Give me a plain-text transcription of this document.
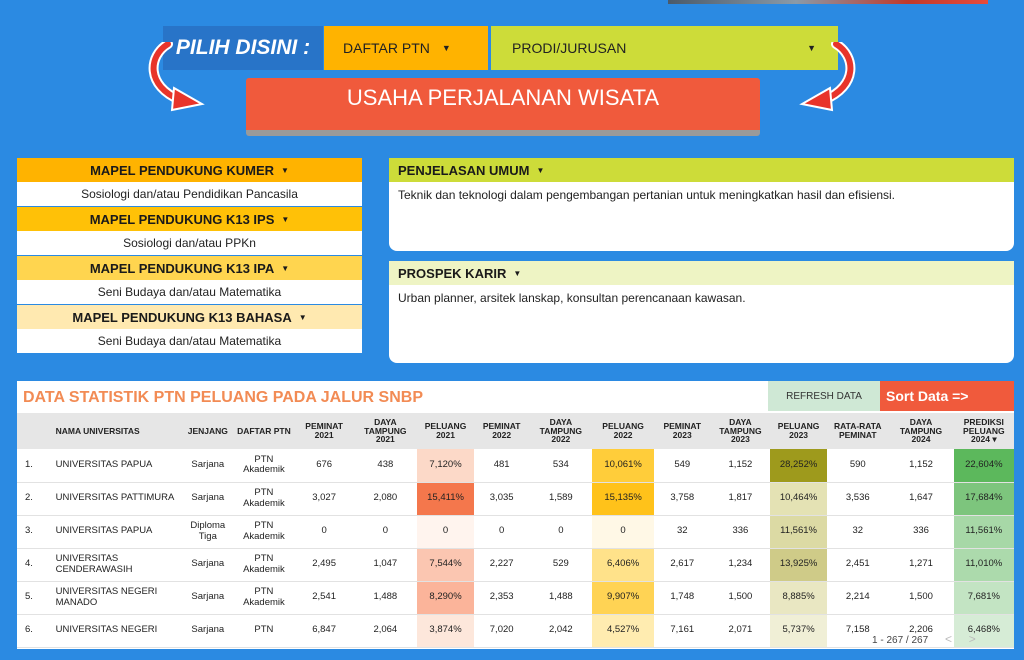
PILIH DISINI :	DAFTAR PTN ▼	PRODI/JURUSAN	▼
USAHA PERJALANAN WISATA
MAPEL PENDUKUNG KUMER ▼
Sosiologi dan/atau Pendidikan Pancasila
MAPEL PENDUKUNG K13 IPS ▼
Sosiologi dan/atau PPKn
MAPEL PENDUKUNG K13 IPA ▼
Seni Budaya dan/atau Matematika
MAPEL PENDUKUNG K13 BAHASA ▼
Seni Budaya dan/atau Matematika
PENJELASAN UMUM ▼
Teknik dan teknologi dalam pengembangan pertanian untuk meningkatkan hasil dan efisiensi.
PROSPEK KARIR ▼
Urban planner, arsitek lanskap, konsultan perencanaan kawasan.
DATA STATISTIK PTN PELUANG PADA JALUR SNBP	REFRESH DATA	Sort Data =>
	NAMA UNIVERSITAS	JENJANG	DAFTAR PTN	PEMINAT 2021	DAYA TAMPUNG 2021	PELUANG 2021	PEMINAT 2022	DAYA TAMPUNG 2022	PELUANG 2022	PEMINAT 2023	DAYA TAMPUNG 2023	PELUANG 2023	RATA-RATA PEMINAT	DAYA TAMPUNG 2024	PREDIKSI PELUANG 2024 ▾
1.	UNIVERSITAS PAPUA	Sarjana	PTN Akademik	676	438	7,120%	481	534	10,061%	549	1,152	28,252%	590	1,152	22,604%
2.	UNIVERSITAS PATTIMURA	Sarjana	PTN Akademik	3,027	2,080	15,411%	3,035	1,589	15,135%	3,758	1,817	10,464%	3,536	1,647	17,684%
3.	UNIVERSITAS PAPUA	Diploma Tiga	PTN Akademik	0	0	0	0	0	0	32	336	11,561%	32	336	11,561%
4.	UNIVERSITAS CENDERAWASIH	Sarjana	PTN Akademik	2,495	1,047	7,544%	2,227	529	6,406%	2,617	1,234	13,925%	2,451	1,271	11,010%
5.	UNIVERSITAS NEGERI MANADO	Sarjana	PTN Akademik	2,541	1,488	8,290%	2,353	1,488	9,907%	1,748	1,500	8,885%	2,214	1,500	7,681%
6.	UNIVERSITAS NEGERI	Sarjana	PTN	6,847	2,064	3,874%	7,020	2,042	4,527%	7,161	2,071	5,737%	7,158	2,206	6,468%
1 - 267 / 267 < >
